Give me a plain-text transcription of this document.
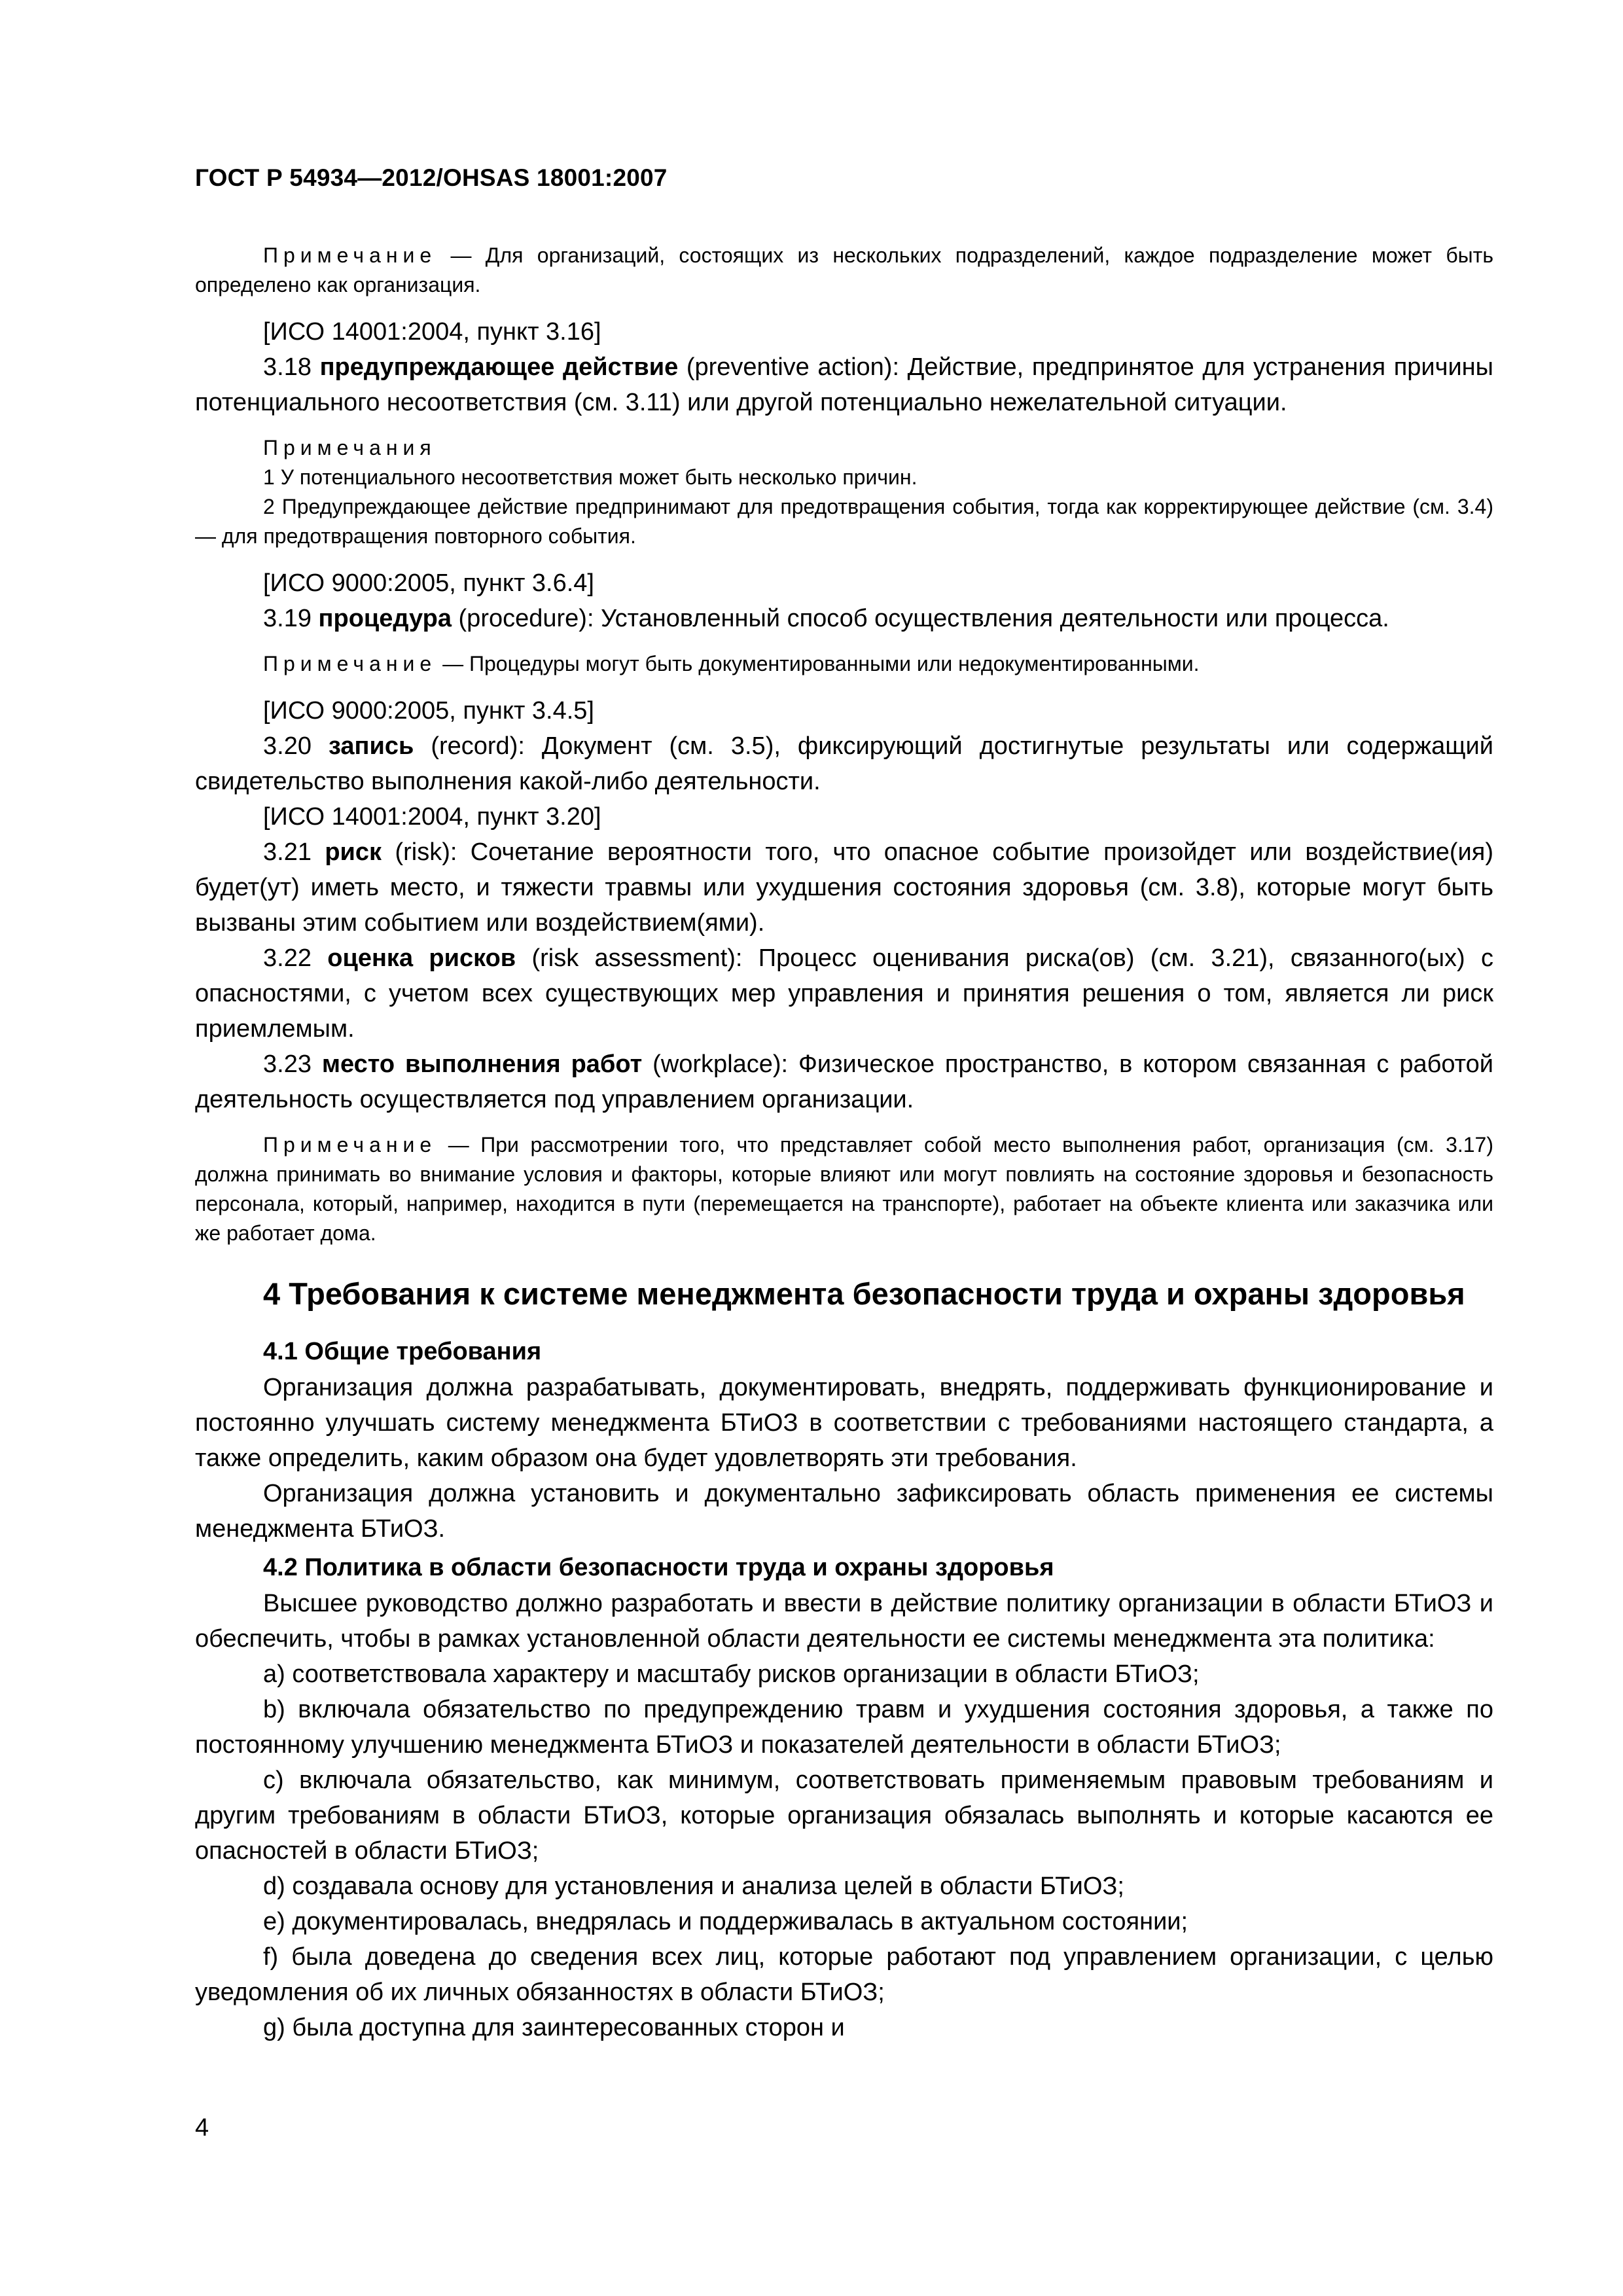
ГОСТ Р 54934—2012/OHSAS 18001:2007

Примечание — Для организаций, состоящих из нескольких подразделений, каждое подразделение может быть определено как организация.

[ИСО 14001:2004, пункт 3.16]

3.18 предупреждающее действие (preventive action): Действие, предпринятое для устранения причины потенциального несоответствия (см. 3.11) или другой потенциально нежелательной ситуации.

Примечания

1 У потенциального несоответствия может быть несколько причин.

2 Предупреждающее действие предпринимают для предотвращения события, тогда как корректирующее действие (см. 3.4) — для предотвращения повторного события.

[ИСО 9000:2005, пункт 3.6.4]

3.19 процедура (procedure): Установленный способ осуществления деятельности или процесса.

Примечание — Процедуры могут быть документированными или недокументированными.

[ИСО 9000:2005, пункт 3.4.5]

3.20 запись (record): Документ (см. 3.5), фиксирующий достигнутые результаты или содержащий свидетельство выполнения какой-либо деятельности.

[ИСО 14001:2004, пункт 3.20]

3.21 риск (risk): Сочетание вероятности того, что опасное событие произойдет или воздействие(ия) будет(ут) иметь место, и тяжести травмы или ухудшения состояния здоровья (см. 3.8), которые могут быть вызваны этим событием или воздействием(ями).

3.22 оценка рисков (risk assessment): Процесс оценивания риска(ов) (см. 3.21), связанного(ых) с опасностями, с учетом всех существующих мер управления и принятия решения о том, является ли риск приемлемым.

3.23 место выполнения работ (workplace): Физическое пространство, в котором связанная с работой деятельность осуществляется под управлением организации.

Примечание — При рассмотрении того, что представляет собой место выполнения работ, организация (см. 3.17) должна принимать во внимание условия и факторы, которые влияют или могут повлиять на состояние здоровья и безопасность персонала, который, например, находится в пути (перемещается на транспорте), работает на объекте клиента или заказчика или же работает дома.

4 Требования к системе менеджмента безопасности труда и охраны здоровья
4.1 Общие требования

Организация должна разрабатывать, документировать, внедрять, поддерживать функционирование и постоянно улучшать систему менеджмента БТиОЗ в соответствии с требованиями настоящего стандарта, а также определить, каким образом она будет удовлетворять эти требования.

Организация должна установить и документально зафиксировать область применения ее системы менеджмента БТиОЗ.

4.2 Политика в области безопасности труда и охраны здоровья

Высшее руководство должно разработать и ввести в действие политику организации в области БТиОЗ и обеспечить, чтобы в рамках установленной области деятельности ее системы менеджмента эта политика:

a) соответствовала характеру и масштабу рисков организации в области БТиОЗ;

b) включала обязательство по предупреждению травм и ухудшения состояния здоровья, а также по постоянному улучшению менеджмента БТиОЗ и показателей деятельности в области БТиОЗ;

c) включала обязательство, как минимум, соответствовать применяемым правовым требованиям и другим требованиям в области БТиОЗ, которые организация обязалась выполнять и которые касаются ее опасностей в области БТиОЗ;

d) создавала основу для установления и анализа целей в области БТиОЗ;

e) документировалась, внедрялась и поддерживалась в актуальном состоянии;

f) была доведена до сведения всех лиц, которые работают под управлением организации, с целью уведомления об их личных обязанностях в области БТиОЗ;

g) была доступна для заинтересованных сторон и

4
